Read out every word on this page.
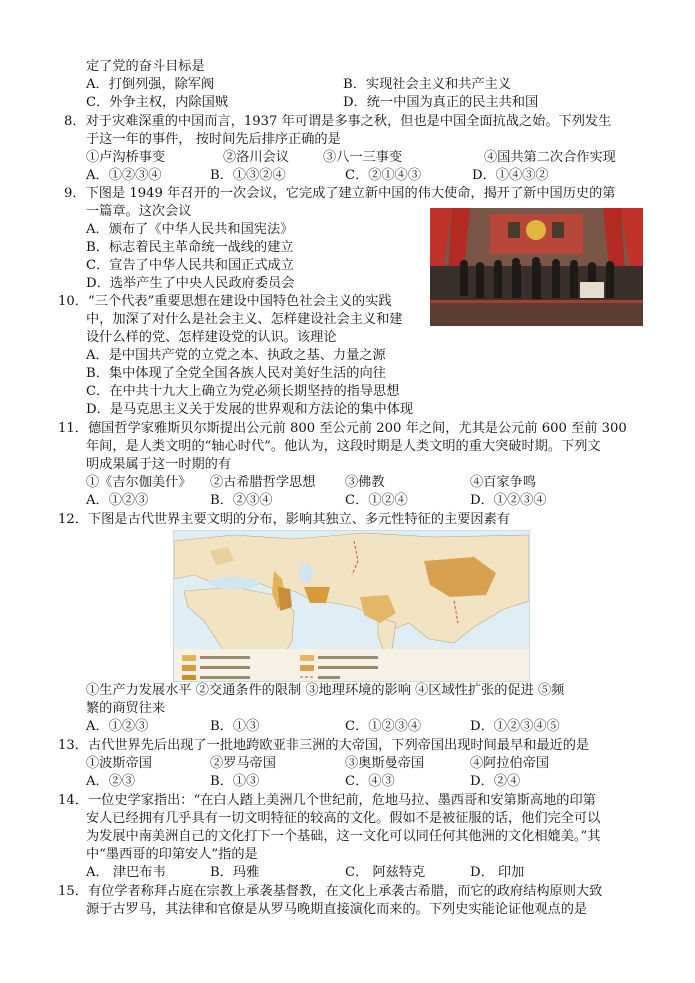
定了党的奋斗目标是
A．打倒列强，除军阀	B．实现社会主义和共产主义
C．外争主权，内除国贼	D．统一中国为真正的民主共和国
8．对于灾难深重的中国而言，1937 年可谓是多事之秋，但也是中国全面抗战之始。下列发生
于这一年的事件， 按时间先后排序正确的是
①卢沟桥事变	②洛川会议	③八一三事变	④国共第二次合作实现
A．①②③④	B．①③②④	C．②①④③	D．①④③②
9．下图是 1949 年召开的一次会议，它完成了建立新中国的伟大使命，揭开了新中国历史的第
一篇章。这次会议
A．颁布了《中华人民共和国宪法》
B．标志着民主革命统一战线的建立
C．宣告了中华人民共和国正式成立
D．选举产生了中央人民政府委员会
10．“三个代表”重要思想在建设中国特色社会主义的实践
中，加深了对什么是社会主义、怎样建设社会主义和建
设什么样的党、怎样建设党的认识。该理论
A．是中国共产党的立党之本、执政之基、力量之源
B．集中体现了全党全国各族人民对美好生活的向往
C．在中共十九大上确立为党必须长期坚持的指导思想
D．是马克思主义关于发展的世界观和方法论的集中体现
11．德国哲学家雅斯贝尔斯提出公元前 800 至公元前 200 年之间，尤其是公元前 600 至前 300
年间，是人类文明的“轴心时代”。他认为，这段时期是人类文明的重大突破时期。下列文
明成果属于这一时期的有
①《吉尔伽美什》 ②古希腊哲学思想 ③佛教	④百家争鸣
A．①②③	B．②③④	C．①②④	D．①②③④
12．下图是古代世界主要文明的分布，影响其独立、多元性特征的主要因素有
①生产力发展水平 ②交通条件的限制 ③地理环境的影响 ④区域性扩张的促进 ⑤频
繁的商贸往来
A．①②③	B．①③	C．①②③④	D．①②③④⑤
13．古代世界先后出现了一批地跨欧亚非三洲的大帝国，下列帝国出现时间最早和最近的是
①波斯帝国	②罗马帝国	③奥斯曼帝国	④阿拉伯帝国
A．②③	B．①③	C．④③	D．②④
14．一位史学家指出：“在白人踏上美洲几个世纪前，危地马拉、墨西哥和安第斯高地的印第
安人已经拥有几乎具有一切文明特征的较高的文化。假如不是被征服的话，他们完全可以
为发展中南美洲自己的文化打下一个基础，这一文化可以同任何其他洲的文化相媲美。”其
中“墨西哥的印第安人”指的是
A． 津巴布韦	B．玛雅	C． 阿兹特克	D． 印加
15．有位学者称拜占庭在宗教上承袭基督教，在文化上承袭古希腊，而它的政府结构原则大致
源于古罗马，其法律和官僚是从罗马晚期直接演化而来的。下列史实能论证他观点的是
